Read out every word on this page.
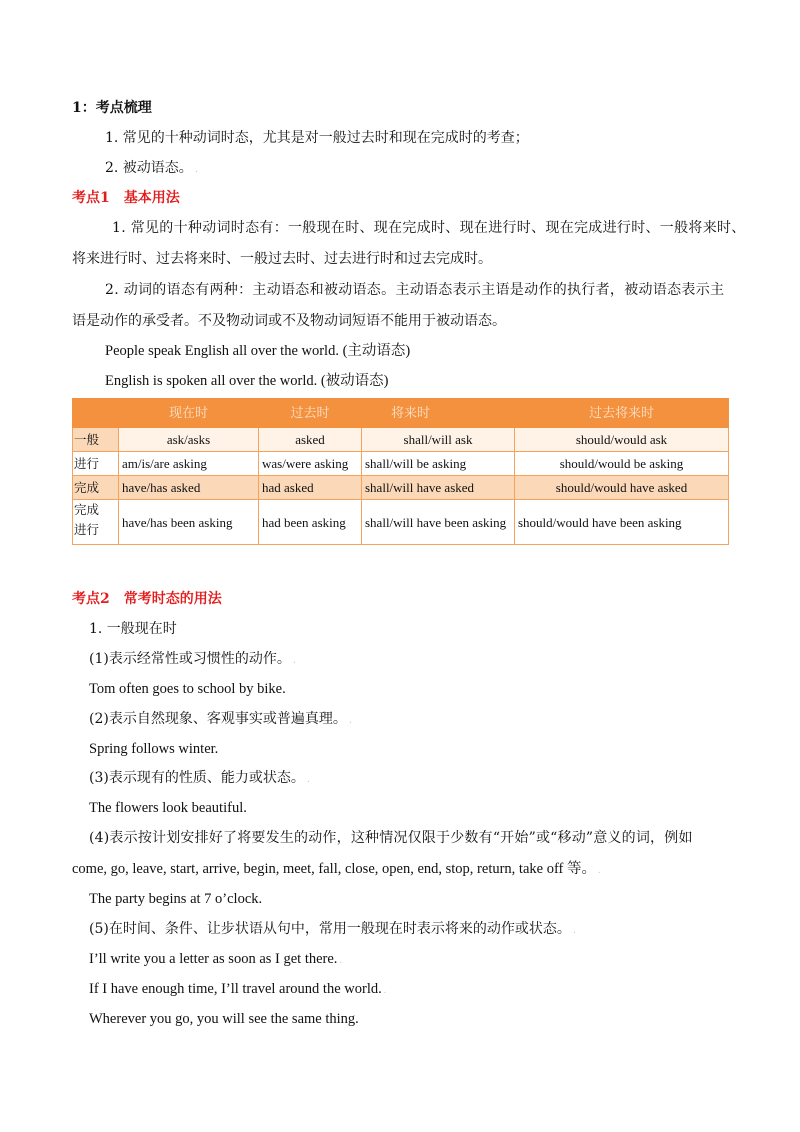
1：考点梳理
1. 常见的十种动词时态，尤其是对一般过去时和现在完成时的考查；
2. 被动语态。 .
考点1　基本用法
1. 常见的十种动词时态有：一般现在时、现在完成时、现在进行时、现在完成进行时、一般将来时、
将来进行时、过去将来时、一般过去时、过去进行时和过去完成时。
2. 动词的语态有两种：主动语态和被动语态。主动语态表示主语是动作的执行者，被动语态表示主
语是动作的承受者。不及物动词或不及物动词短语不能用于被动语态。
People speak English all over the world. (主动语态)
English is spoken all over the world. (被动语态)
	现在时	过去时	将来时	过去将来时
一般	ask/asks	asked	shall/will ask	should/would ask
进行	am/is/are asking	was/were asking	shall/will be asking	should/would be asking
完成	have/has asked	had asked	shall/will have asked	should/would have asked
完成
进行	have/has been asking	had been asking	shall/will have been asking	should/would have been asking
考点2　常考时态的用法
1. 一般现在时
(1)表示经常性或习惯性的动作。 .
Tom often goes to school by bike.
(2)表示自然现象、客观事实或普遍真理。 .
Spring follows winter.
(3)表示现有的性质、能力或状态。 .
The flowers look beautiful.
(4)表示按计划安排好了将要发生的动作，这种情况仅限于少数有“开始”或“移动”意义的词，例如
come, go, leave, start, arrive, begin, meet, fall, close, open, end, stop, return, take off 等。 .
The party begins at 7 o’clock.
(5)在时间、条件、让步状语从句中，常用一般现在时表示将来的动作或状态。 .
I’ll write you a letter as soon as I get there. .
If I have enough time, I’ll travel around the world. .
Wherever you go, you will see the same thing.
